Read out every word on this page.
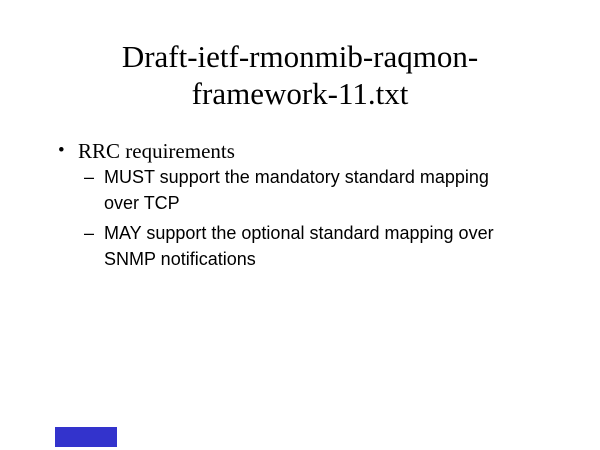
Draft-ietf-rmonmib-raqmon-
framework-11.txt
• RRC requirements
– MUST support the mandatory standard mapping
over TCP
– MAY support the optional standard mapping over
SNMP notifications
